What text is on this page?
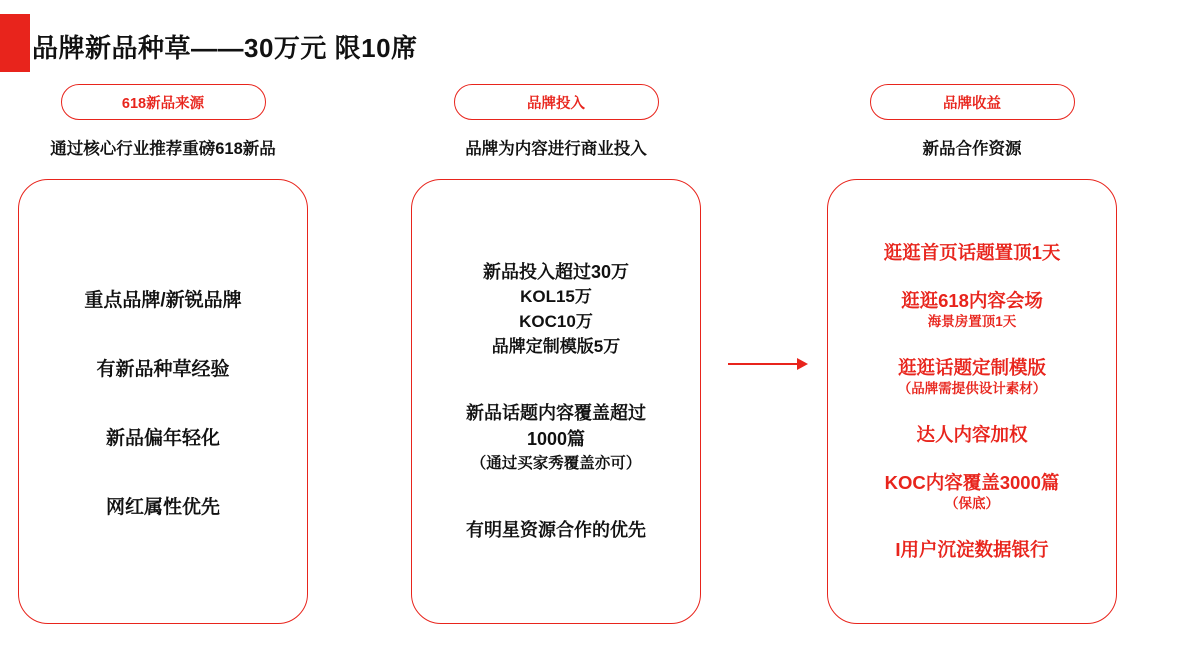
品牌新品种草——30万元 限10席
618新品来源
通过核心行业推荐重磅618新品
重点品牌/新锐品牌
有新品种草经验
新品偏年轻化
网红属性优先
品牌投入
品牌为内容进行商业投入
新品投入超过30万
KOL15万
KOC10万
品牌定制模版5万
新品话题内容覆盖超过
1000篇
（通过买家秀覆盖亦可）
有明星资源合作的优先
品牌收益
新品合作资源
逛逛首页话题置顶1天
逛逛618内容会场
海景房置顶1天
逛逛话题定制模版
（品牌需提供设计素材）
达人内容加权
KOC内容覆盖3000篇
（保底）
I用户沉淀数据银行
